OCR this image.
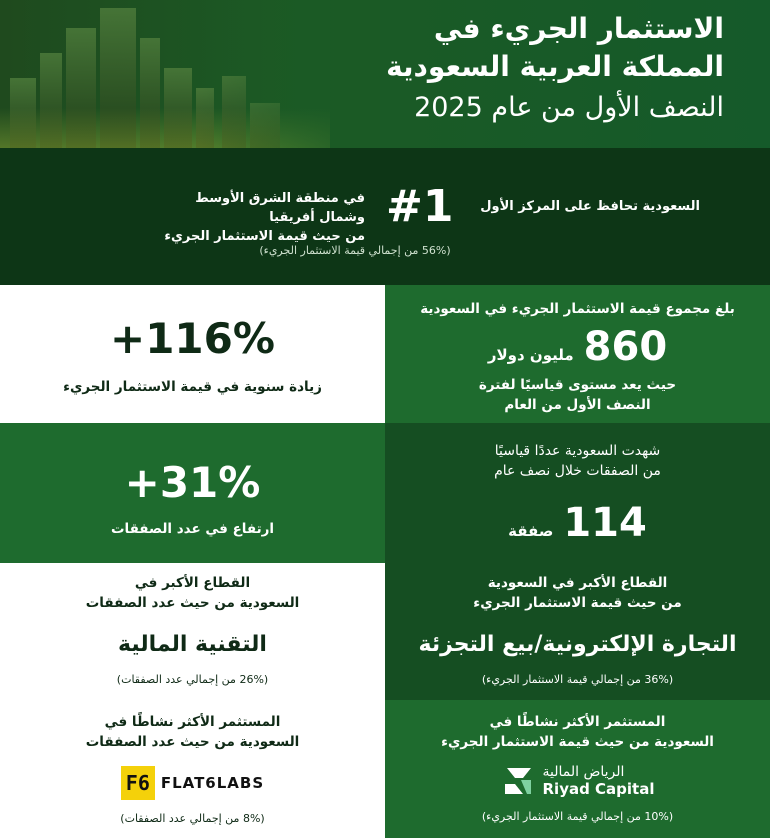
الاستثمار الجريء في
المملكة العربية السعودية
النصف الأول من عام 2025
السعودية تحافظ على المركز الأول
#1
في منطقة الشرق الأوسط وشمال أفريقيا
من حيث قيمة الاستثمار الجريء
(56% من إجمالي قيمة الاستثمار الجريء)
بلغ مجموع قيمة الاستثمار الجريء في السعودية
860
مليون دولار
حيث يعد مستوى قياسيًا لفترة
النصف الأول من العام
+116%
زيادة سنوية في قيمة الاستثمار الجريء
شهدت السعودية عددًا قياسيًا
من الصفقات خلال نصف عام
114
صفقة
+31%
ارتفاع في عدد الصفقات
القطاع الأكبر في السعودية
من حيث قيمة الاستثمار الجريء
التجارة الإلكترونية/بيع التجزئة
(36% من إجمالي قيمة الاستثمار الجريء)
القطاع الأكبر في
السعودية من حيث عدد الصفقات
التقنية المالية
(26% من إجمالي عدد الصفقات)
المستثمر الأكثر نشاطًا في
السعودية من حيث قيمة الاستثمار الجريء
الرياض المالية
Riyad Capital
(10% من إجمالي قيمة الاستثمار الجريء)
المستثمر الأكثر نشاطًا في
السعودية من حيث عدد الصفقات
F6 FLAT6LABS
(8% من إجمالي عدد الصفقات)
